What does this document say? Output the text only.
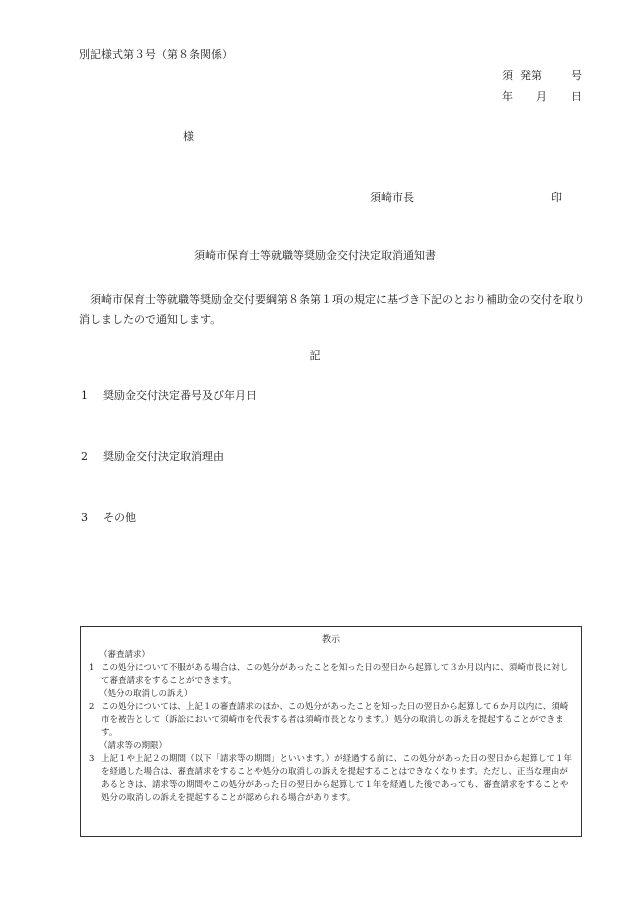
別記様式第３号（第８条関係）
須 発第	号
年 月 日
様
須崎市長	印
須崎市保育士等就職等奨励金交付決定取消通知書
須崎市保育士等就職等奨励金交付要綱第８条第１項の規定に基づき下記のとおり補助金の交付を取り消しましたので通知します。
記
1 奨励金交付決定番号及び年月日
2 奨励金交付決定取消理由
3 その他
教示
（審査請求）
1 この処分について不服がある場合は、この処分があったことを知った日の翌日から起算して３か月以内に、須崎市長に対して審査請求をすることができます。
（処分の取消しの訴え）
2 この処分については、上記１の審査請求のほか、この処分があったことを知った日の翌日から起算して６か月以内に、須崎市を被告として（訴訟において須崎市を代表する者は須崎市長となります。）処分の取消しの訴えを提起することができます。
（請求等の期限）
3 上記１や上記２の期間（以下「請求等の期間」といいます。）が経過する前に、この処分があった日の翌日から起算して１年を経過した場合は、審査請求をすることや処分の取消しの訴えを提起することはできなくなります。ただし、正当な理由があるときは、請求等の期間やこの処分があった日の翌日から起算して１年を経過した後であっても、審査請求をすることや処分の取消しの訴えを提起することが認められる場合があります。
